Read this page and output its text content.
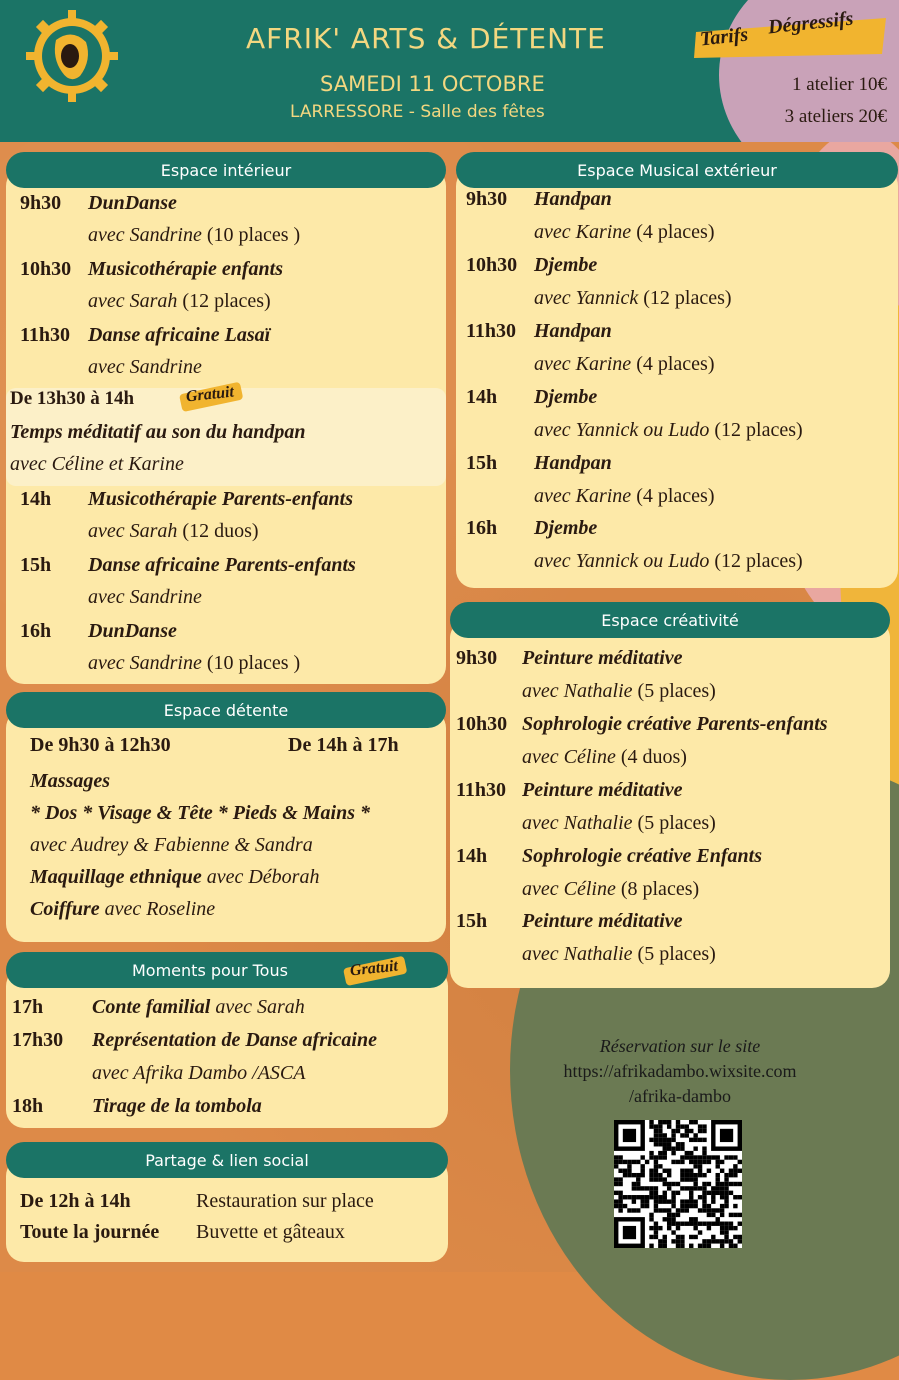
AFRIK' ARTS & DÉTENTE
SAMEDI 11 OCTOBRE
LARRESSORE - Salle des fêtes
Tarifs Dégressifs
1 atelier 10€
3 ateliers 20€
Espace intérieur
9h30 DunDanse
avec Sandrine (10 places )
10h30 Musicothérapie enfants
avec Sarah (12 places)
11h30 Danse africaine Lasaï
avec Sandrine
14h Musicothérapie Parents-enfants
avec Sarah (12 duos)
15h Danse africaine Parents-enfants
avec Sandrine
16h DunDanse
avec Sandrine (10 places )
De 13h30 à 14h	Gratuit
Temps méditatif au son du handpan
avec Céline et Karine
Espace Musical extérieur
9h30 Handpan
avec Karine (4 places)
10h30 Djembe
avec Yannick (12 places)
11h30 Handpan
avec Karine (4 places)
14h Djembe
avec Yannick ou Ludo (12 places)
15h Handpan
avec Karine (4 places)
16h Djembe
avec Yannick ou Ludo (12 places)
Espace créativité
9h30 Peinture méditative
avec Nathalie (5 places)
10h30 Sophrologie créative Parents-enfants
avec Céline (4 duos)
11h30 Peinture méditative
avec Nathalie (5 places)
14h Sophrologie créative Enfants
avec Céline (8 places)
15h Peinture méditative
avec Nathalie (5 places)
Espace détente
De 9h30 à 12h30	De 14h à 17h
Massages
* Dos * Visage & Tête * Pieds & Mains *
avec Audrey & Fabienne & Sandra
Maquillage ethnique avec Déborah
Coiffure avec Roseline
Moments pour Tous	Gratuit
17h Conte familial avec Sarah
17h30 Représentation de Danse africaine
avec Afrika Dambo /ASCA
18h Tirage de la tombola
Partage & lien social
De 12h à 14h	Restauration sur place
Toute la journée Buvette et gâteaux
Réservation sur le site
https://afrikadambo.wixsite.com
/afrika-dambo
